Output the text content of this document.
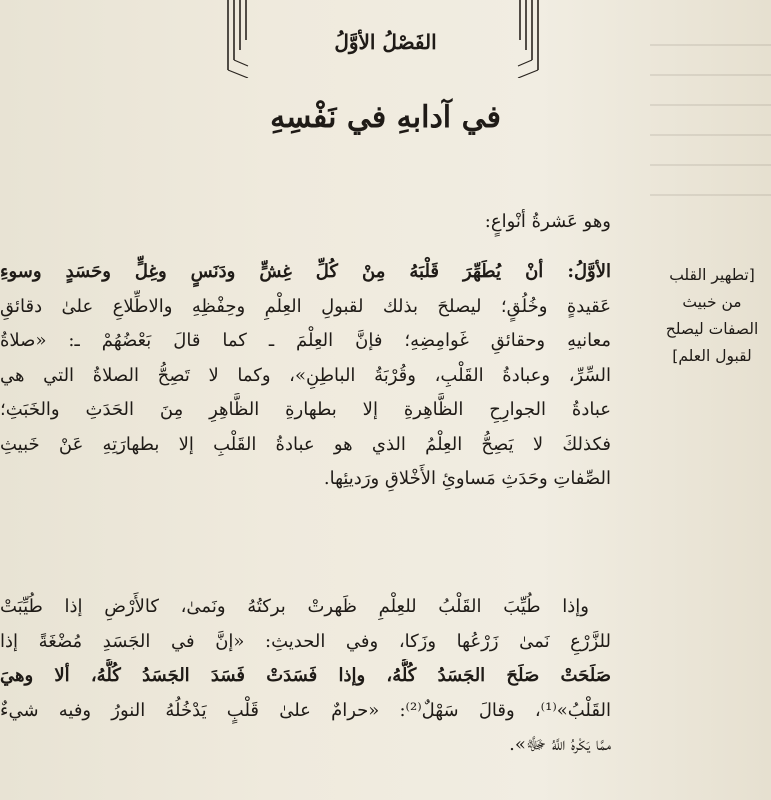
الفَصْلُ الأوَّلُ
في آدابهِ في نَفْسِهِ
وهو عَشرةُ أنْواعٍ:
الأوَّلُ: أنْ يُطَهِّرَ قَلْبَهُ مِنْ كُلِّ غِشٍّ ودَنَسٍ وغِلٍّ وحَسَدٍ وسوءِ
عَقيدةٍ وخُلُقٍ؛ ليصلحَ بذلك لقبولِ العِلْمِ وحِفْظِهِ والاطِّلاعِ علىٰ دقائقِ
معانيهِ وحقائقِ غَوامِضِهِ؛ فإنَّ العِلْمَ ـ كما قالَ بَعْضُهُمْ ـ: «صلاةُ
السِّرِّ، وعبادةُ القَلْبِ، وقُرْبَةُ الباطِنِ»، وكما لا تَصِحُّ الصلاةُ التي هي
عبادةُ الجوارِحِ الظَّاهِرةِ إلا بطهارةِ الظَّاهِرِ مِنَ الحَدَثِ والخَبَثِ؛
فكذلكَ لا يَصِحُّ العِلْمُ الذي هو عبادةُ القَلْبِ إلا بطهارَتِهِ عَنْ خَبيثِ
الصِّفاتِ وحَدَثِ مَساوئِ الأَخْلاقِ ورَديئِها.
وإذا طُيِّبَ القَلْبُ للعِلْمِ ظَهرتْ بركتُهُ ونَمىٰ، كالأَرْضِ إذا طُيِّبَتْ
للزَّرْعِ نَمىٰ زَرْعُها وزَكا، وفي الحديثِ: «إنَّ في الجَسَدِ مُضْغَةً إذا
صَلَحَتْ صَلَحَ الجَسَدُ كُلُّهُ، وإذا فَسَدَتْ فَسَدَ الجَسَدُ كُلُّهُ، ألا وهيَ
القَلْبُ»⁽¹⁾، وقالَ سَهْلٌ⁽²⁾: «حرامٌ علىٰ قَلْبٍ يَدْخُلُهُ النورُ وفيه شيءٌ
ممَّا يَكْرهُ اللَّهُ ﷻ».
[تطهير القلب
من خبيث
الصفات ليصلح
لقبول العلم]
